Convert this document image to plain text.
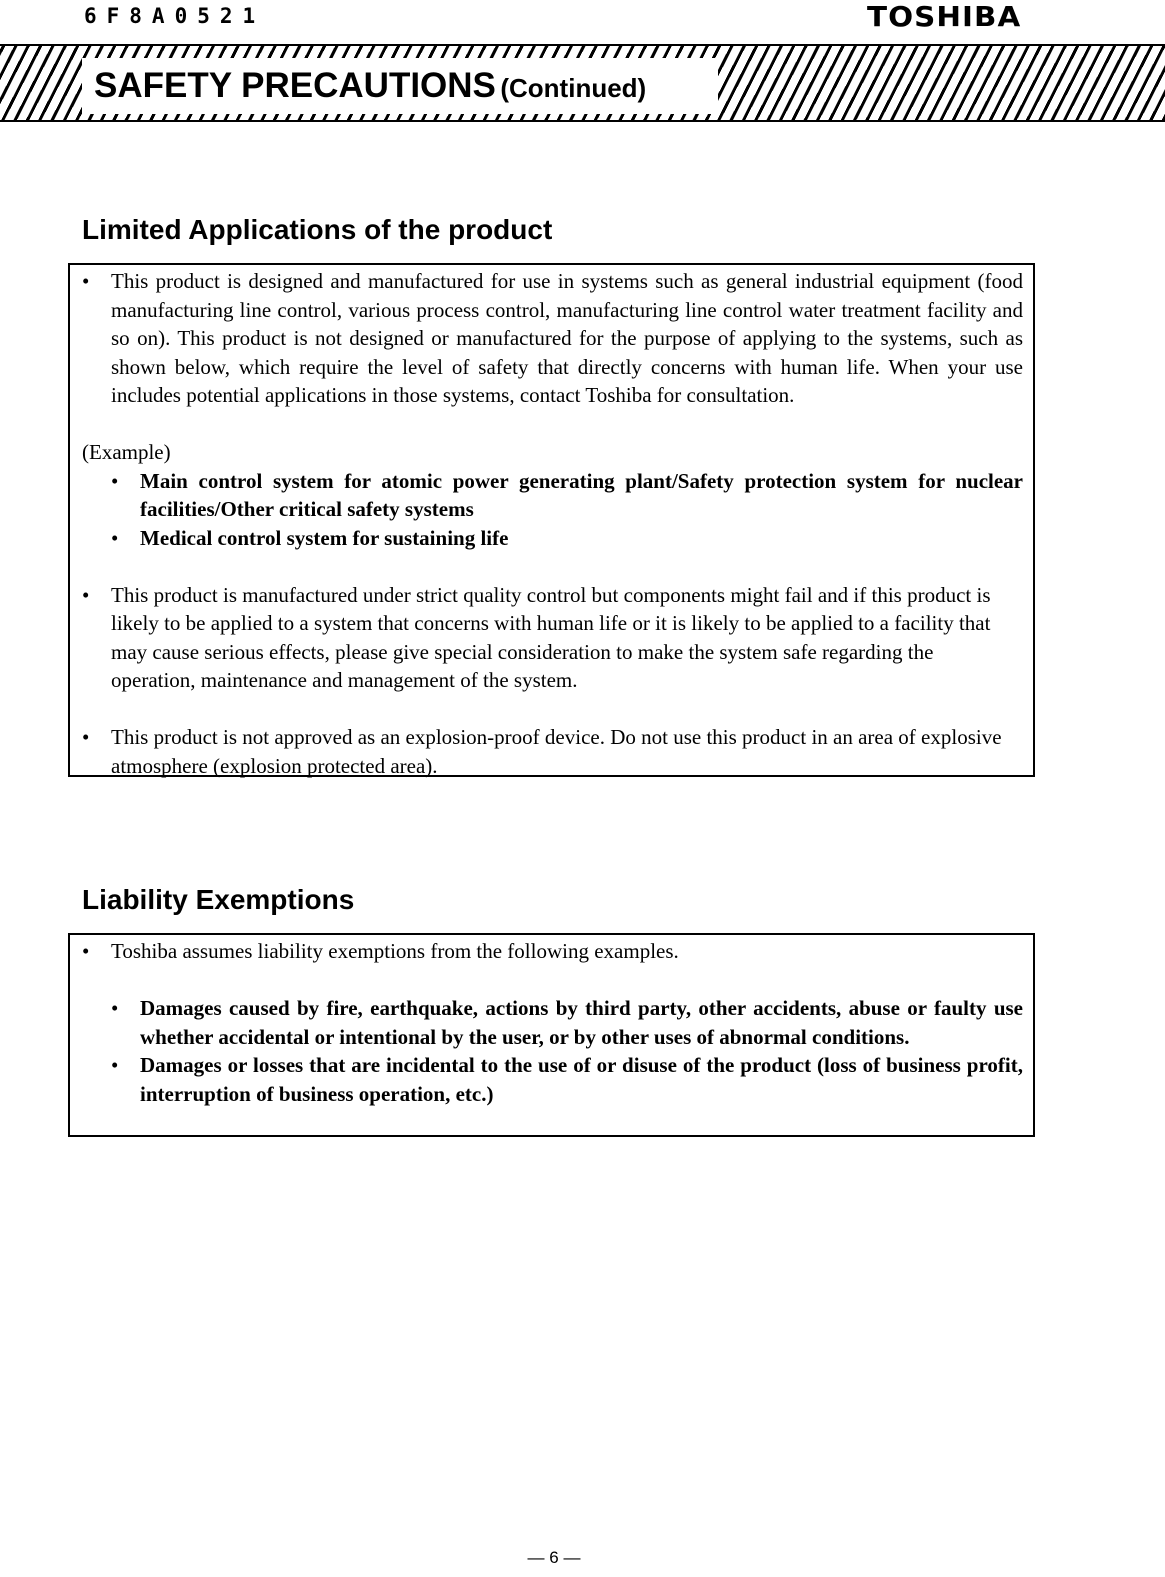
6F8A0521	TOSHIBA
SAFETY PRECAUTIONS (Continued)
Limited Applications of the product
•	This product is designed and manufactured for use in systems such as general industrial equipment (food manufacturing line control, various process control, manufacturing line control water treatment facility and so on). This product is not designed or manufactured for the purpose of applying to the systems, such as shown below, which require the level of safety that directly concerns with human life. When your use includes potential applications in those systems, contact Toshiba for consultation.
(Example)
•	Main control system for atomic power generating plant/Safety protection system for nuclear facilities/Other critical safety systems
•	Medical control system for sustaining life
•	This product is manufactured under strict quality control but components might fail and if this product is likely to be applied to a system that concerns with human life or it is likely to be applied to a facility that may cause serious effects, please give special consideration to make the system safe regarding the operation, maintenance and management of the system.
•	This product is not approved as an explosion-proof device. Do not use this product in an area of explosive atmosphere (explosion protected area).
Liability Exemptions
•	Toshiba assumes liability exemptions from the following examples.
•	Damages caused by fire, earthquake, actions by third party, other accidents, abuse or faulty use whether accidental or intentional by the user, or by other uses of abnormal conditions.
•	Damages or losses that are incidental to the use of or disuse of the product (loss of business profit, interruption of business operation, etc.)
— 6 —
